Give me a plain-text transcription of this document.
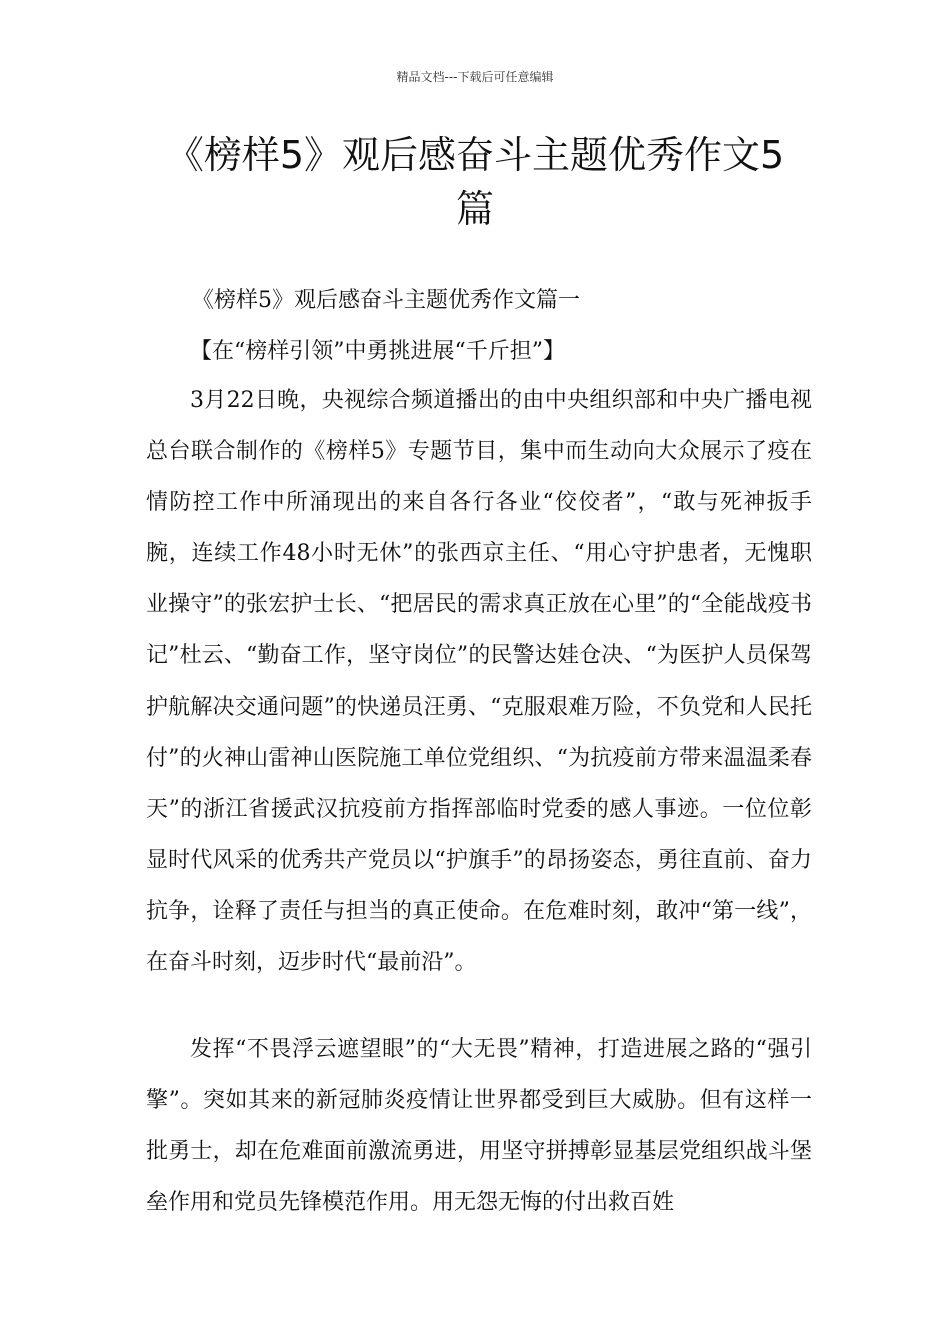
精品文档---下载后可任意编辑
《榜样5》观后感奋斗主题优秀作文5篇

《榜样5》观后感奋斗主题优秀作文篇一

【在“榜样引领”中勇挑进展“千斤担”】

3月22日晚，央视综合频道播出的由中央组织部和中央广播电视总台联合制作的《榜样5》专题节目，集中而生动向大众展示了疫在情防控工作中所涌现出的来自各行各业“佼佼者”，“敢与死神扳手腕，连续工作48小时无休”的张西京主任、“用心守护患者，无愧职业操守”的张宏护士长、“把居民的需求真正放在心里”的“全能战疫书记”杜云、“勤奋工作，坚守岗位”的民警达娃仓决、“为医护人员保驾护航解决交通问题”的快递员汪勇、“克服艰难万险，不负党和人民托付”的火神山雷神山医院施工单位党组织、“为抗疫前方带来温温柔春天”的浙江省援武汉抗疫前方指挥部临时党委的感人事迹。一位位彰显时代风采的优秀共产党员以“护旗手”的昂扬姿态，勇往直前、奋力抗争，诠释了责任与担当的真正使命。在危难时刻，敢冲“第一线”，在奋斗时刻，迈步时代“最前沿”。

发挥“不畏浮云遮望眼”的“大无畏”精神，打造进展之路的“强引擎”。突如其来的新冠肺炎疫情让世界都受到巨大威胁。但有这样一批勇士，却在危难面前激流勇进，用坚守拼搏彰显基层党组织战斗堡垒作用和党员先锋模范作用。用无怨无悔的付出救百姓
